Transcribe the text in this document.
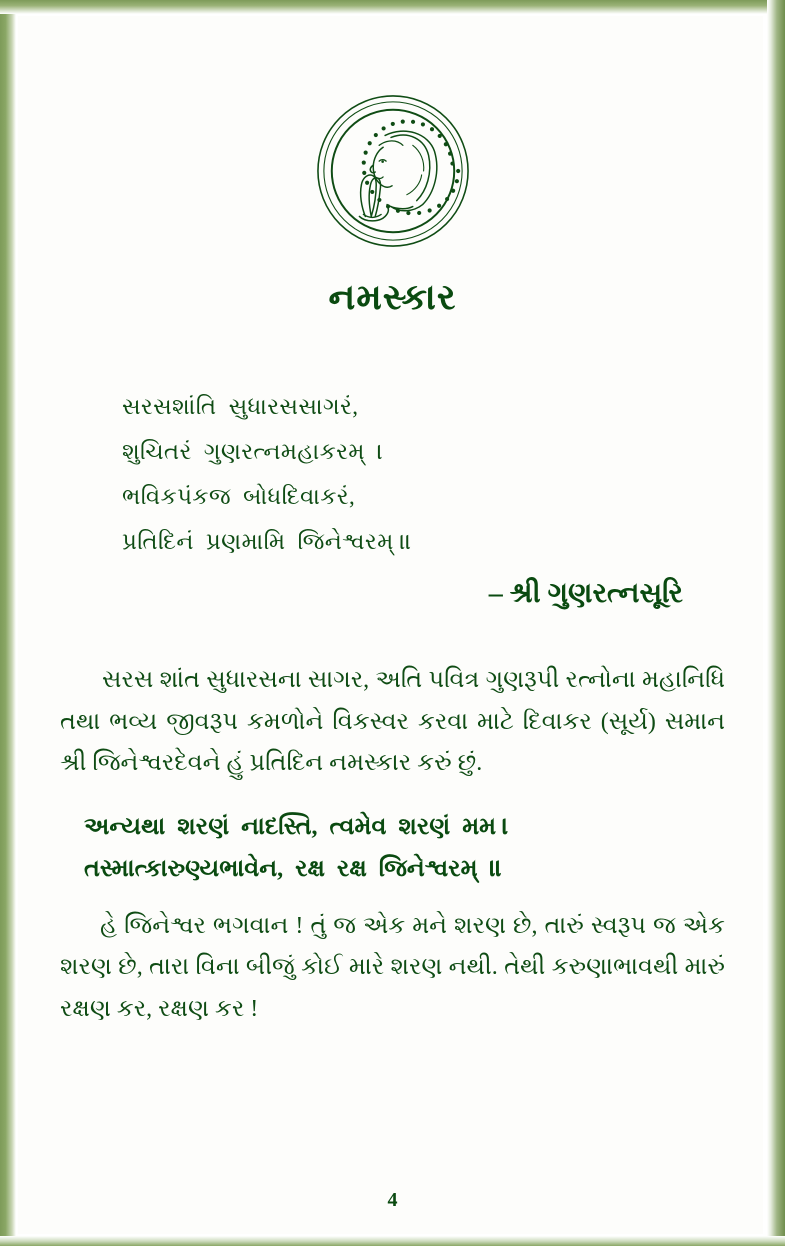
નમસ્કાર
સરસશાંતિ  સુધારસસાગરં,
શુચિતરં  ગુણરત્નમહાકરમ્  ।
ભવિકપંકજ  બોધદિવાકરં,
પ્રતિદિનં  પ્રણમામિ  જિનેશ્વરમ્ ॥
– શ્રી ગુણરત્નસૂરિ
સરસ શાંત સુધારસના સાગર, અતિ પવિત્ર ગુણરૂપી રત્નોના મહાનિધિ તથા ભવ્ય જીવરૂપ કમળોને વિકસ્વર કરવા માટે દિવાકર (સૂર્ય) સમાન શ્રી જિનેશ્વરદેવને હું પ્રતિદિન નમસ્કાર કરું છું.
અન્યથા  શરણં  નાદસ્તિ,  ત્વમેવ  શરણં  મમ ।
તસ્માત્કારુણ્યભાવેન,  રક્ષ  રક્ષ  જિનેશ્વરમ્  ॥
હે જિનેશ્વર ભગવાન ! તું જ એક મને શરણ છે, તારું સ્વરૂપ જ એક શરણ છે, તારા વિના બીજું કોઈ મારે શરણ નથી. તેથી કરુણાભાવથી મારું રક્ષણ કર, રક્ષણ કર !
4
